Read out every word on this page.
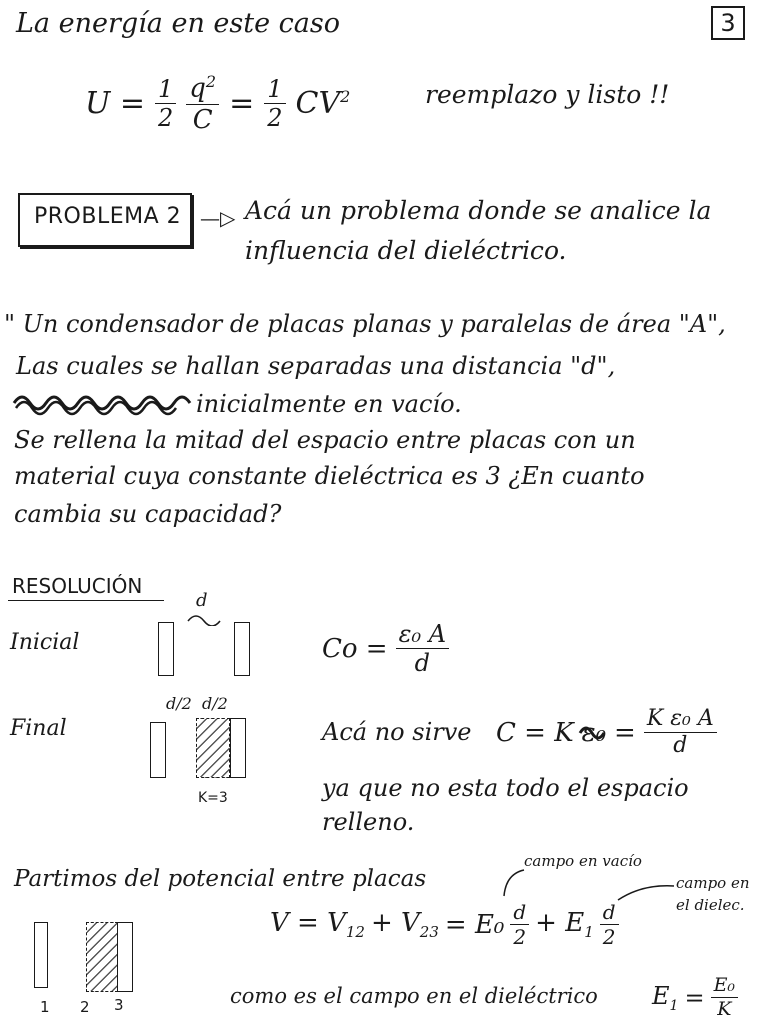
La energía en este caso	3
$U = \frac{1}{2} \frac{q^2}{C} = \frac{1}{2} CV^2$	reemplazo y listo !!
PROBLEMA 2 —▷ Acá un problema donde se analice la
influencia del dieléctrico.
" Un condensador de placas planas y paralelas de área "A",
Las cuales se hallan separadas una distancia "d",
inicialmente en vacío.
Se rellena la mitad del espacio entre placas con un
material cuya constante dieléctrica es 3 ¿En cuanto
cambia su capacidad?
RESOLUCIÓN
Inicial
d
$Co = \frac{\text{ε₀ A}}{d}$
Final
d/2 d/2
K=3
Acá no sirve C = K $\varepsilon_0 = \frac{\text{K ε₀ A}}{d}$
ya que no esta todo el espacio
relleno.
Partimos del potencial entre placas
campo en vacío
campo en
el dielec.
$V = V_{12} + V_{23} = E_0 \frac{d}{2} + E_1 \frac{d}{2}$
1 2 3	como es el campo en el dieléctrico $E_1 = \frac{\text{E₀}}{K}$
